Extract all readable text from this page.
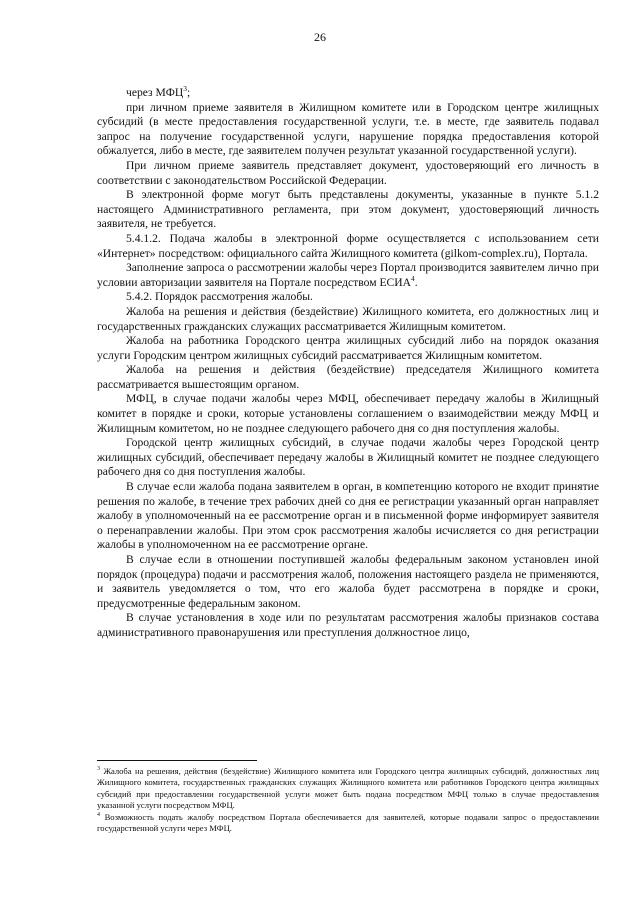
26

через МФЦ$^3$;

при личном приеме заявителя в Жилищном комитете или в Городском центре жилищных субсидий (в месте предоставления государственной услуги, т.е. в месте, где заявитель подавал запрос на получение государственной услуги, нарушение порядка предоставления которой обжалуется, либо в месте, где заявителем получен результат указанной государственной услуги).

При личном приеме заявитель представляет документ, удостоверяющий его личность в соответствии с законодательством Российской Федерации.

В электронной форме могут быть представлены документы, указанные в пункте 5.1.2 настоящего Административного регламента, при этом документ, удостоверяющий личность заявителя, не требуется.

5.4.1.2. Подача жалобы в электронной форме осуществляется с использованием сети «Интернет» посредством: официального сайта Жилищного комитета (gilkom-complex.ru), Портала.

Заполнение запроса о рассмотрении жалобы через Портал производится заявителем лично при условии авторизации заявителя на Портале посредством ЕСИА$^4$.

5.4.2. Порядок рассмотрения жалобы.

Жалоба на решения и действия (бездействие) Жилищного комитета, его должностных лиц и государственных гражданских служащих рассматривается Жилищным комитетом.

Жалоба на работника Городского центра жилищных субсидий либо на порядок оказания услуги Городским центром жилищных субсидий рассматривается Жилищным комитетом.

Жалоба на решения и действия (бездействие) председателя Жилищного комитета рассматривается вышестоящим органом.

МФЦ, в случае подачи жалобы через МФЦ, обеспечивает передачу жалобы в Жилищный комитет в порядке и сроки, которые установлены соглашением о взаимодействии между МФЦ и Жилищным комитетом, но не позднее следующего рабочего дня со дня поступления жалобы.

Городской центр жилищных субсидий, в случае подачи жалобы через Городской центр жилищных субсидий, обеспечивает передачу жалобы в Жилищный комитет не позднее следующего рабочего дня со дня поступления жалобы.

В случае если жалоба подана заявителем в орган, в компетенцию которого не входит принятие решения по жалобе, в течение трех рабочих дней со дня ее регистрации указанный орган направляет жалобу в уполномоченный на ее рассмотрение орган и в письменной форме информирует заявителя о перенаправлении жалобы. При этом срок рассмотрения жалобы исчисляется со дня регистрации жалобы в уполномоченном на ее рассмотрение органе.

В случае если в отношении поступившей жалобы федеральным законом установлен иной порядок (процедура) подачи и рассмотрения жалоб, положения настоящего раздела не применяются, и заявитель уведомляется о том, что его жалоба будет рассмотрена в порядке и сроки, предусмотренные федеральным законом.

В случае установления в ходе или по результатам рассмотрения жалобы признаков состава административного правонарушения или преступления должностное лицо,

$^3$ Жалоба на решения, действия (бездействие) Жилищного комитета или Городского центра жилищных субсидий, должностных лиц Жилищного комитета, государственных гражданских служащих Жилищного комитета или работников Городского центра жилищных субсидий при предоставлении государственной услуги может быть подана посредством МФЦ только в случае предоставления указанной услуги посредством МФЦ.

$^4$ Возможность подать жалобу посредством Портала обеспечивается для заявителей, которые подавали запрос о предоставлении государственной услуги через МФЦ.
